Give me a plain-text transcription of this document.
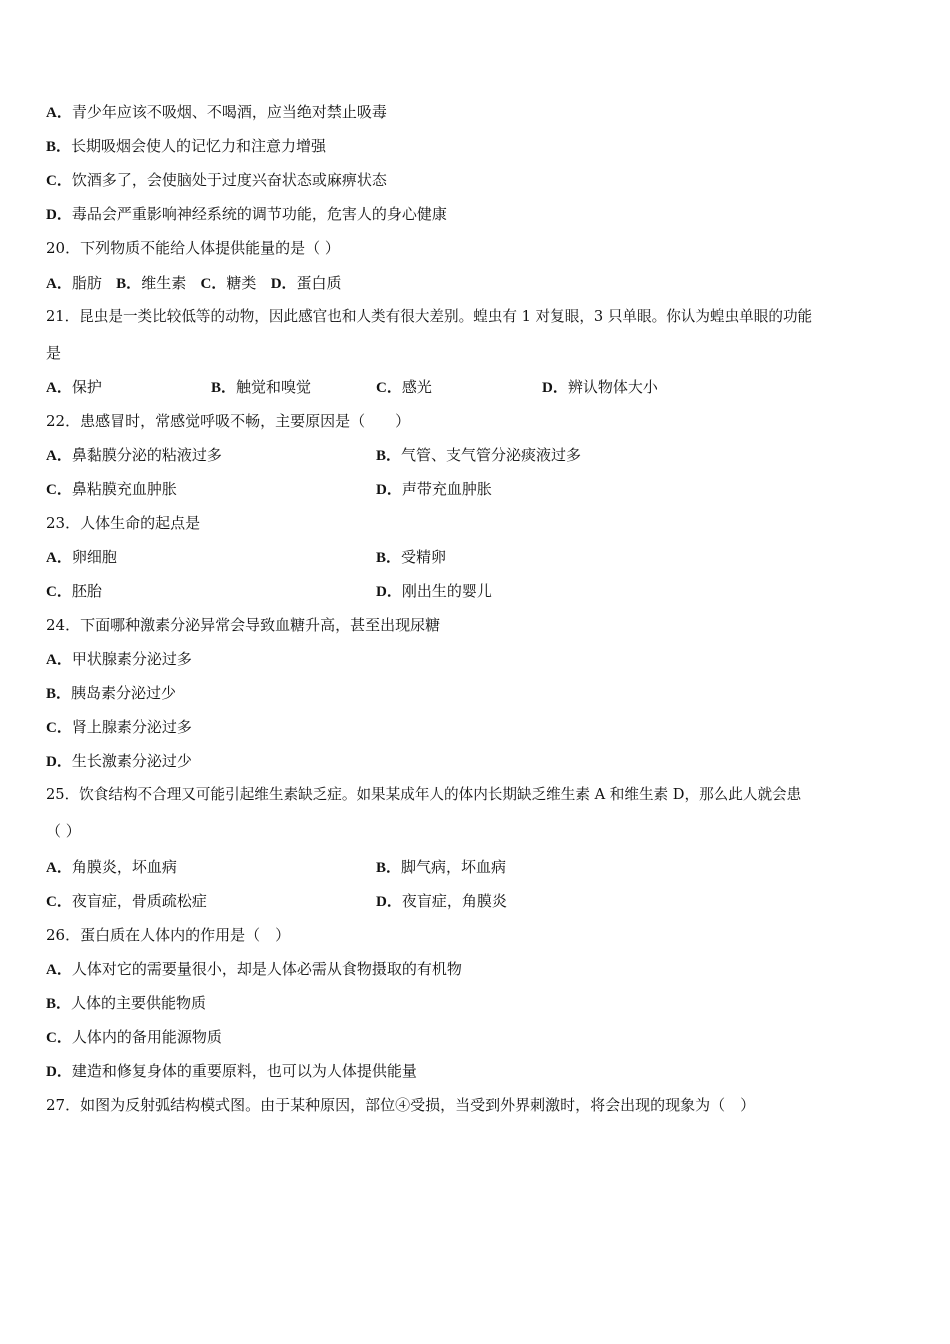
A．青少年应该不吸烟、不喝酒，应当绝对禁止吸毒
B．长期吸烟会使人的记忆力和注意力增强
C．饮酒多了，会使脑处于过度兴奋状态或麻痹状态
D．毒品会严重影响神经系统的调节功能，危害人的身心健康
20．下列物质不能给人体提供能量的是（ ）
A．脂肪 B．维生素 C．糖类 D．蛋白质
21．昆虫是一类比较低等的动物，因此感官也和人类有很大差别。蝗虫有 1 对复眼，3 只单眼。你认为蝗虫单眼的功能
是
A．保护	B．触觉和嗅觉	C．感光	D．辨认物体大小
22．患感冒时，常感觉呼吸不畅，主要原因是（　　）
A．鼻黏膜分泌的粘液过多	B．气管、支气管分泌痰液过多
C．鼻粘膜充血肿胀	D．声带充血肿胀
23．人体生命的起点是
A．卵细胞	B．受精卵
C．胚胎	D．刚出生的婴儿
24．下面哪种激素分泌异常会导致血糖升高，甚至出现尿糖
A．甲状腺素分泌过多
B．胰岛素分泌过少
C．肾上腺素分泌过多
D．生长激素分泌过少
25．饮食结构不合理又可能引起维生素缺乏症。如果某成年人的体内长期缺乏维生素 A 和维生素 D，那么此人就会患
（ ）
A．角膜炎，坏血病	B．脚气病，坏血病
C．夜盲症，骨质疏松症	D．夜盲症，角膜炎
26．蛋白质在人体内的作用是（　）
A．人体对它的需要量很小，却是人体必需从食物摄取的有机物
B．人体的主要供能物质
C．人体内的备用能源物质
D．建造和修复身体的重要原料，也可以为人体提供能量
27．如图为反射弧结构模式图。由于某种原因，部位④受损，当受到外界刺激时，将会出现的现象为（　）
